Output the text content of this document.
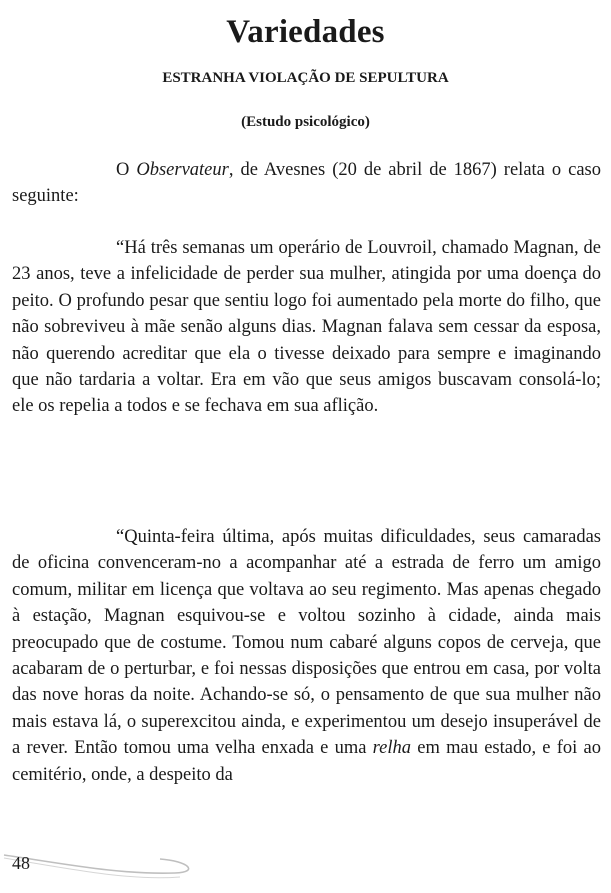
Variedades
ESTRANHA VIOLAÇÃO DE SEPULTURA
(Estudo psicológico)

O Observateur, de Avesnes (20 de abril de 1867) relata o caso seguinte:

“Há três semanas um operário de Louvroil, chamado Magnan, de 23 anos, teve a infelicidade de perder sua mulher, atingida por uma doença do peito. O profundo pesar que sentiu logo foi aumentado pela morte do filho, que não sobreviveu à mãe senão alguns dias. Magnan falava sem cessar da esposa, não querendo acreditar que ela o tivesse deixado para sempre e imaginando que não tardaria a voltar. Era em vão que seus amigos buscavam consolá-lo; ele os repelia a todos e se fechava em sua aflição.

“Quinta-feira última, após muitas dificuldades, seus camaradas de oficina convenceram-no a acompanhar até a estrada de ferro um amigo comum, militar em licença que voltava ao seu regimento. Mas apenas chegado à estação, Magnan esquivou-se e voltou sozinho à cidade, ainda mais preocupado que de costume. Tomou num cabaré alguns copos de cerveja, que acabaram de o perturbar, e foi nessas disposições que entrou em casa, por volta das nove horas da noite. Achando-se só, o pensamento de que sua mulher não mais estava lá, o superexcitou ainda, e experimentou um desejo insuperável de a rever. Então tomou uma velha enxada e uma relha em mau estado, e foi ao cemitério, onde, a despeito da

48
